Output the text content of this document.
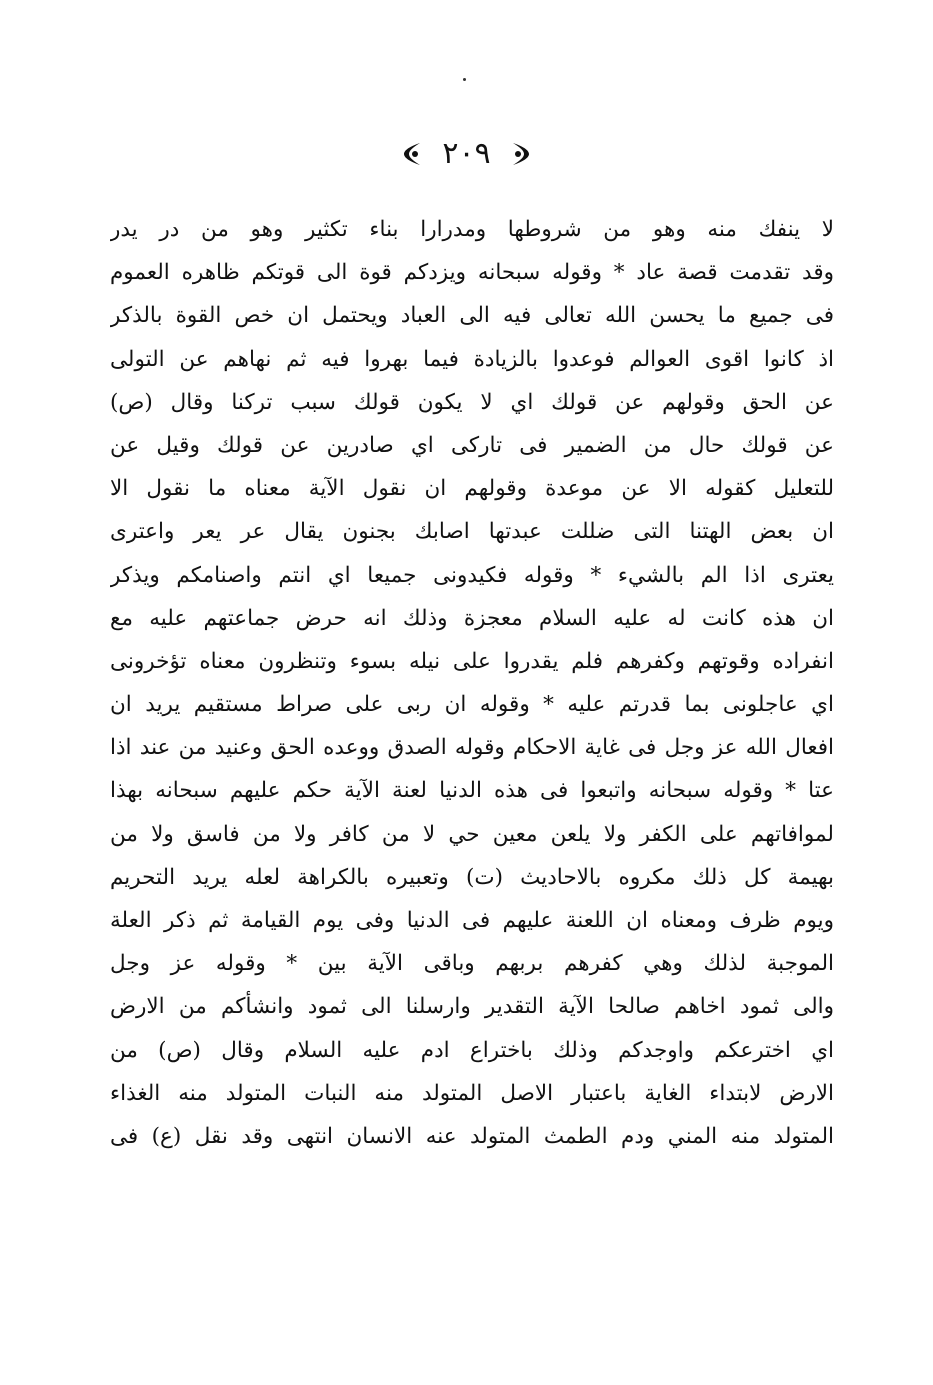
٢٠٩
لا ينفك منه وهو من شروطها ومدرارا بناء تكثير وهو من در يدر
وقد تقدمت قصة عاد * وقوله سبحانه ويزدكم قوة الى قوتكم ظاهره العموم
فى جميع ما يحسن الله تعالى فيه الى العباد ويحتمل ان خص القوة بالذكر
اذ كانوا اقوى العوالم فوعدوا بالزيادة فيما بهروا فيه ثم نهاهم عن التولى
عن الحق وقولهم عن قولك اي لا يكون قولك سبب تركنا وقال (ص)
عن قولك حال من الضمير فى تاركى اي صادرين عن قولك وقيل عن
للتعليل كقوله الا عن موعدة وقولهم ان نقول الآية معناه ما نقول الا
ان بعض الهتنا التى ضللت عبدتها اصابك بجنون يقال عر يعر واعترى
يعترى اذا الم بالشيء * وقوله فكيدونى جميعا اي انتم واصنامكم ويذكر
ان هذه كانت له عليه السلام معجزة وذلك انه حرض جماعتهم عليه مع
انفراده وقوتهم وكفرهم فلم يقدروا على نيله بسوء وتنظرون معناه تؤخرونى
اي عاجلونى بما قدرتم عليه * وقوله ان ربى على صراط مستقيم يريد ان
افعال الله عز وجل فى غاية الاحكام وقوله الصدق ووعده الحق وعنيد من عند اذا
عتا * وقوله سبحانه واتبعوا فى هذه الدنيا لعنة الآية حكم عليهم سبحانه بهذا
لموافاتهم على الكفر ولا يلعن معين حي لا من كافر ولا من فاسق ولا من
بهيمة كل ذلك مكروه بالاحاديث (ت) وتعبيره بالكراهة لعله يريد التحريم
ويوم ظرف ومعناه ان اللعنة عليهم فى الدنيا وفى يوم القيامة ثم ذكر العلة
الموجبة لذلك وهي كفرهم بربهم وباقى الآية بين * وقوله عز وجل
والى ثمود اخاهم صالحا الآية التقدير وارسلنا الى ثمود وانشأكم من الارض
اي اخترعكم واوجدكم وذلك باختراع ادم عليه السلام وقال (ص) من
الارض لابتداء الغاية باعتبار الاصل المتولد منه النبات المتولد منه الغذاء
المتولد منه المني ودم الطمث المتولد عنه الانسان انتهى وقد نقل (ع) فى
